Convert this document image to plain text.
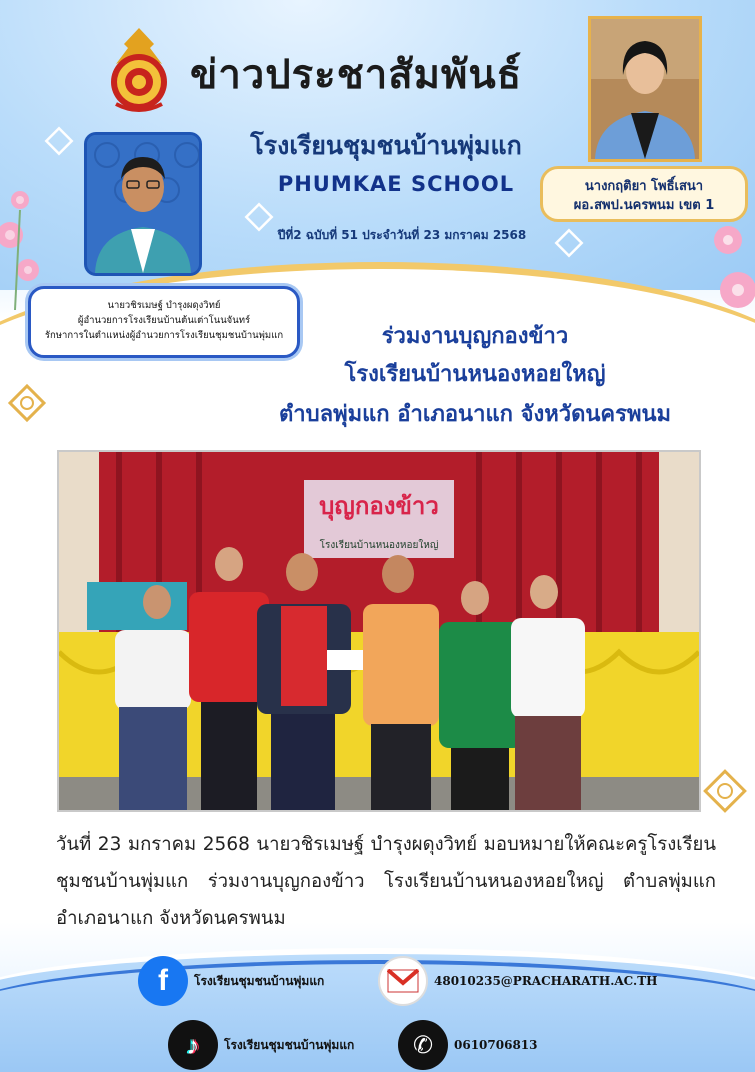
ข่าวประชาสัมพันธ์
โรงเรียนชุมชนบ้านพุ่มแก
PHUMKAE SCHOOL
ปีที่2 ฉบับที่ 51 ประจำวันที่ 23 มกราคม 2568
นางกฤติยา โพธิ์เสนา
ผอ.สพป.นครพนม เขต 1
นายวชิรเมษฐ์ บำรุงผดุงวิทย์
ผู้อำนวยการโรงเรียนบ้านต้นเต่าโนนจันทร์
รักษาการในตำแหน่งผู้อำนวยการโรงเรียนชุมชนบ้านพุ่มแก	ร่วมงานบุญกองข้าว
โรงเรียนบ้านหนองหอยใหญ่
ตำบลพุ่มแก อำเภอนาแก จังหวัดนครพนม
บุญกองข้าว
โรงเรียนบ้านหนองหอยใหญ่
วันที่ 23 มกราคม 2568 นายวชิรเมษฐ์ บำรุงผดุงวิทย์ มอบหมายให้คณะครูโรงเรียนชุมชนบ้านพุ่มแก ร่วมงานบุญกองข้าว โรงเรียนบ้านหนองหอยใหญ่ ตำบลพุ่มแก อำเภอนาแก จังหวัดนครพนม
f โรงเรียนชุมชนบ้านพุ่มแก	48010235@PRACHARATH.AC.TH
♪ โรงเรียนชุมชนบ้านพุ่มแก ✆ 0610706813
